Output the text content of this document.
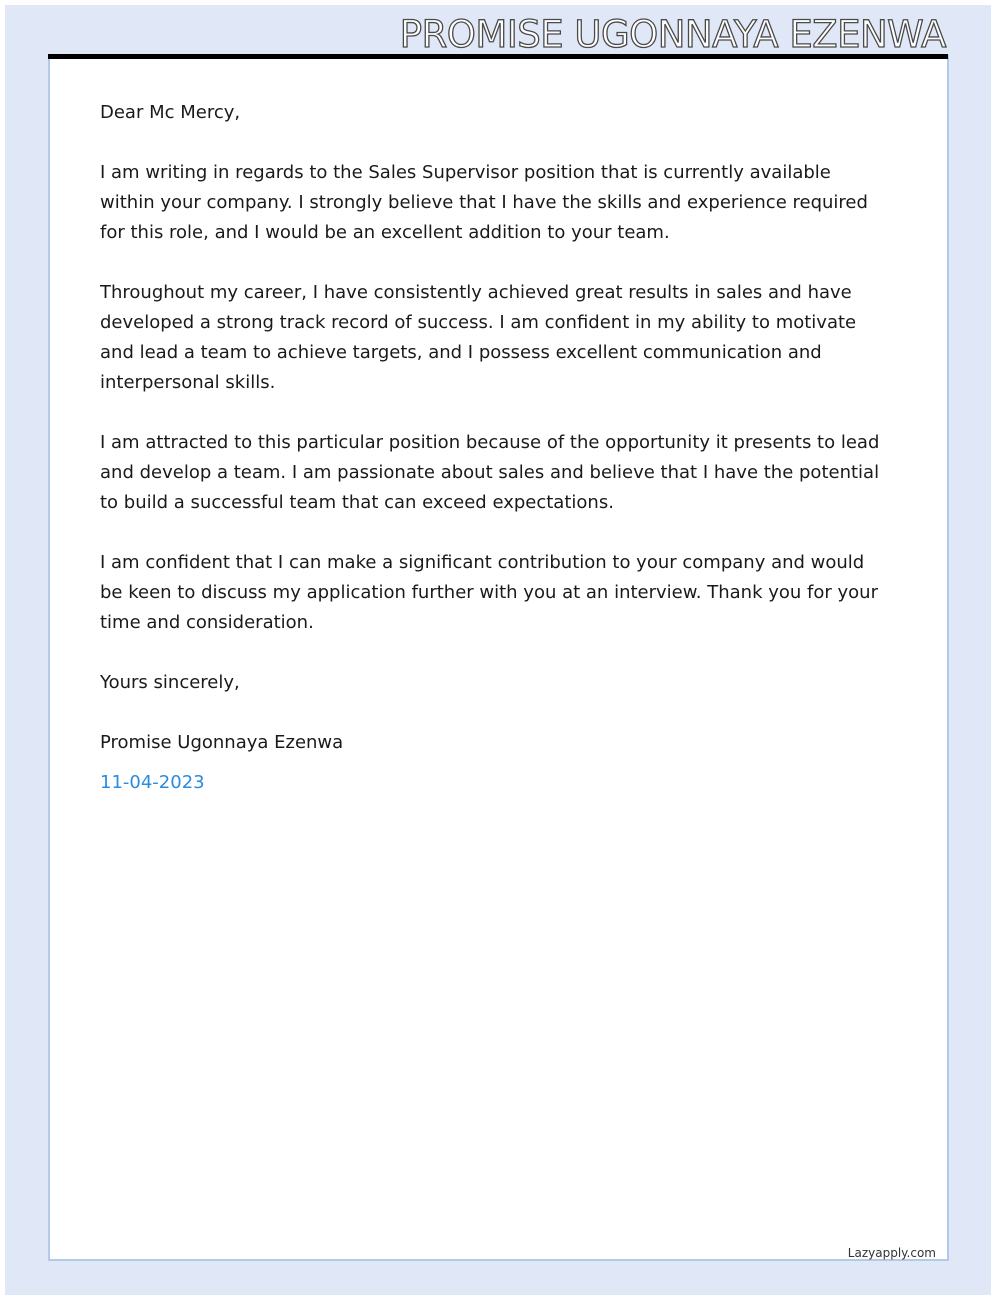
PROMISE UGONNAYA EZENWA

Dear Mc Mercy,

I am writing in regards to the Sales Supervisor position that is currently available within your company. I strongly believe that I have the skills and experience required for this role, and I would be an excellent addition to your team.

Throughout my career, I have consistently achieved great results in sales and have developed a strong track record of success. I am confident in my ability to motivate and lead a team to achieve targets, and I possess excellent communication and interpersonal skills.

I am attracted to this particular position because of the opportunity it presents to lead and develop a team. I am passionate about sales and believe that I have the potential to build a successful team that can exceed expectations.

I am confident that I can make a significant contribution to your company and would be keen to discuss my application further with you at an interview. Thank you for your time and consideration.

Yours sincerely,

Promise Ugonnaya Ezenwa

11-04-2023

Lazyapply.com
